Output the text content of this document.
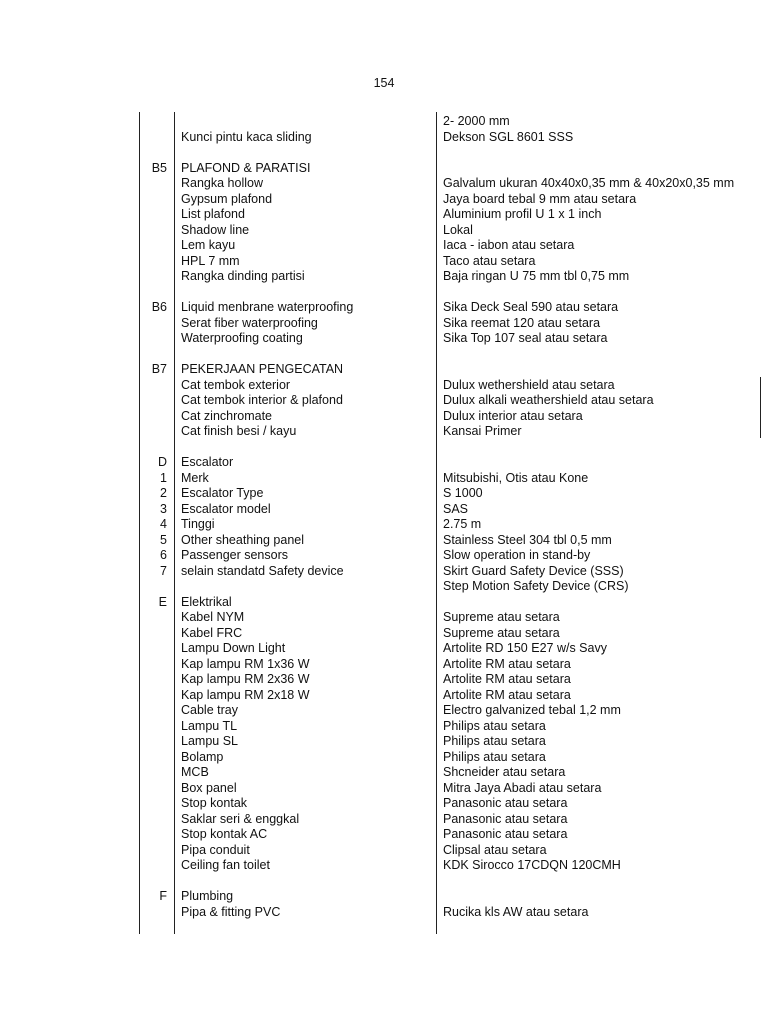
154
2- 2000 mm
Kunci pintu kaca sliding	Dekson SGL 8601 SSS
B5 PLAFOND & PARATISI
Rangka hollow	Galvalum ukuran 40x40x0,35 mm & 40x20x0,35 mm
Gypsum plafond	Jaya board tebal 9 mm atau setara
List plafond	Aluminium profil U 1 x 1 inch
Shadow line	Lokal
Lem kayu	Iaca - iabon atau setara
HPL 7 mm	Taco atau setara
Rangka dinding partisi	Baja ringan U 75 mm tbl 0,75 mm
B6 Liquid menbrane waterproofing	Sika Deck Seal 590 atau setara
Serat fiber waterproofing	Sika reemat 120 atau setara
Waterproofing coating	Sika Top 107 seal atau setara
B7 PEKERJAAN PENGECATAN
Cat tembok exterior	Dulux wethershield atau setara
Cat tembok interior & plafond	Dulux alkali weathershield atau setara
Cat zinchromate	Dulux interior atau setara
Cat finish besi / kayu	Kansai Primer
D Escalator
1 Merk	Mitsubishi, Otis atau Kone
2 Escalator Type	S 1000
3 Escalator model	SAS
4 Tinggi	2.75 m
5 Other sheathing panel	Stainless Steel 304 tbl 0,5 mm
6 Passenger sensors	Slow operation in stand-by
7 selain standatd Safety device	Skirt Guard Safety Device (SSS)
Step Motion Safety Device (CRS)
E Elektrikal
Kabel NYM	Supreme atau setara
Kabel FRC	Supreme atau setara
Lampu Down Light	Artolite RD 150 E27 w/s Savy
Kap lampu RM 1x36 W	Artolite RM atau setara
Kap lampu RM 2x36 W	Artolite RM atau setara
Kap lampu RM 2x18 W	Artolite RM atau setara
Cable tray	Electro galvanized tebal 1,2 mm
Lampu TL	Philips atau setara
Lampu SL	Philips atau setara
Bolamp	Philips atau setara
MCB	Shcneider atau setara
Box panel	Mitra Jaya Abadi atau setara
Stop kontak	Panasonic atau setara
Saklar seri & enggkal	Panasonic atau setara
Stop kontak AC	Panasonic atau setara
Pipa conduit	Clipsal atau setara
Ceiling fan toilet	KDK Sirocco 17CDQN 120CMH
F Plumbing
Pipa & fitting PVC	Rucika kls AW atau setara
